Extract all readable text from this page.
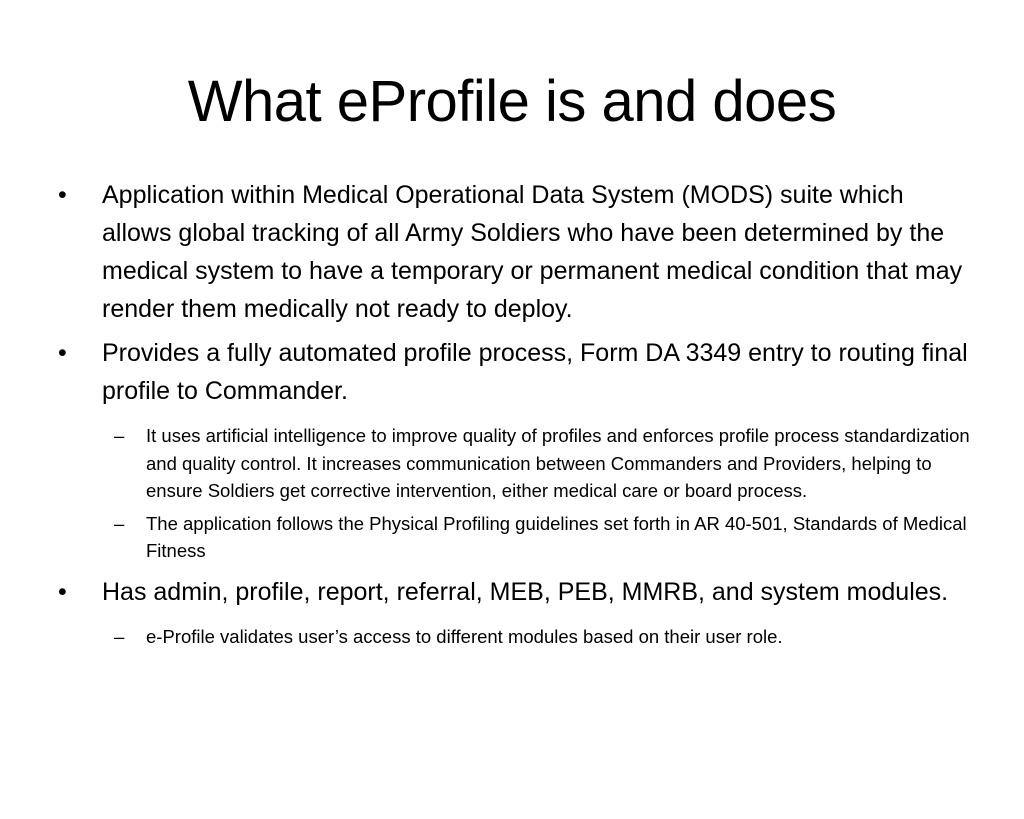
What eProfile is and does
• Application within Medical Operational Data System (MODS) suite which allows global tracking of all Army Soldiers who have been determined by the medical system to have a temporary or permanent medical condition that may render them medically not ready to deploy.
• Provides a fully automated profile process, Form DA 3349 entry to routing final profile to Commander.
– It uses artificial intelligence to improve quality of profiles and enforces profile process standardization and quality control. It increases communication between Commanders and Providers, helping to ensure Soldiers get corrective intervention, either medical care or board process.
– The application follows the Physical Profiling guidelines set forth in AR 40-501, Standards of Medical Fitness
• Has admin, profile, report, referral, MEB, PEB, MMRB, and system modules.
– e-Profile validates user’s access to different modules based on their user role.
